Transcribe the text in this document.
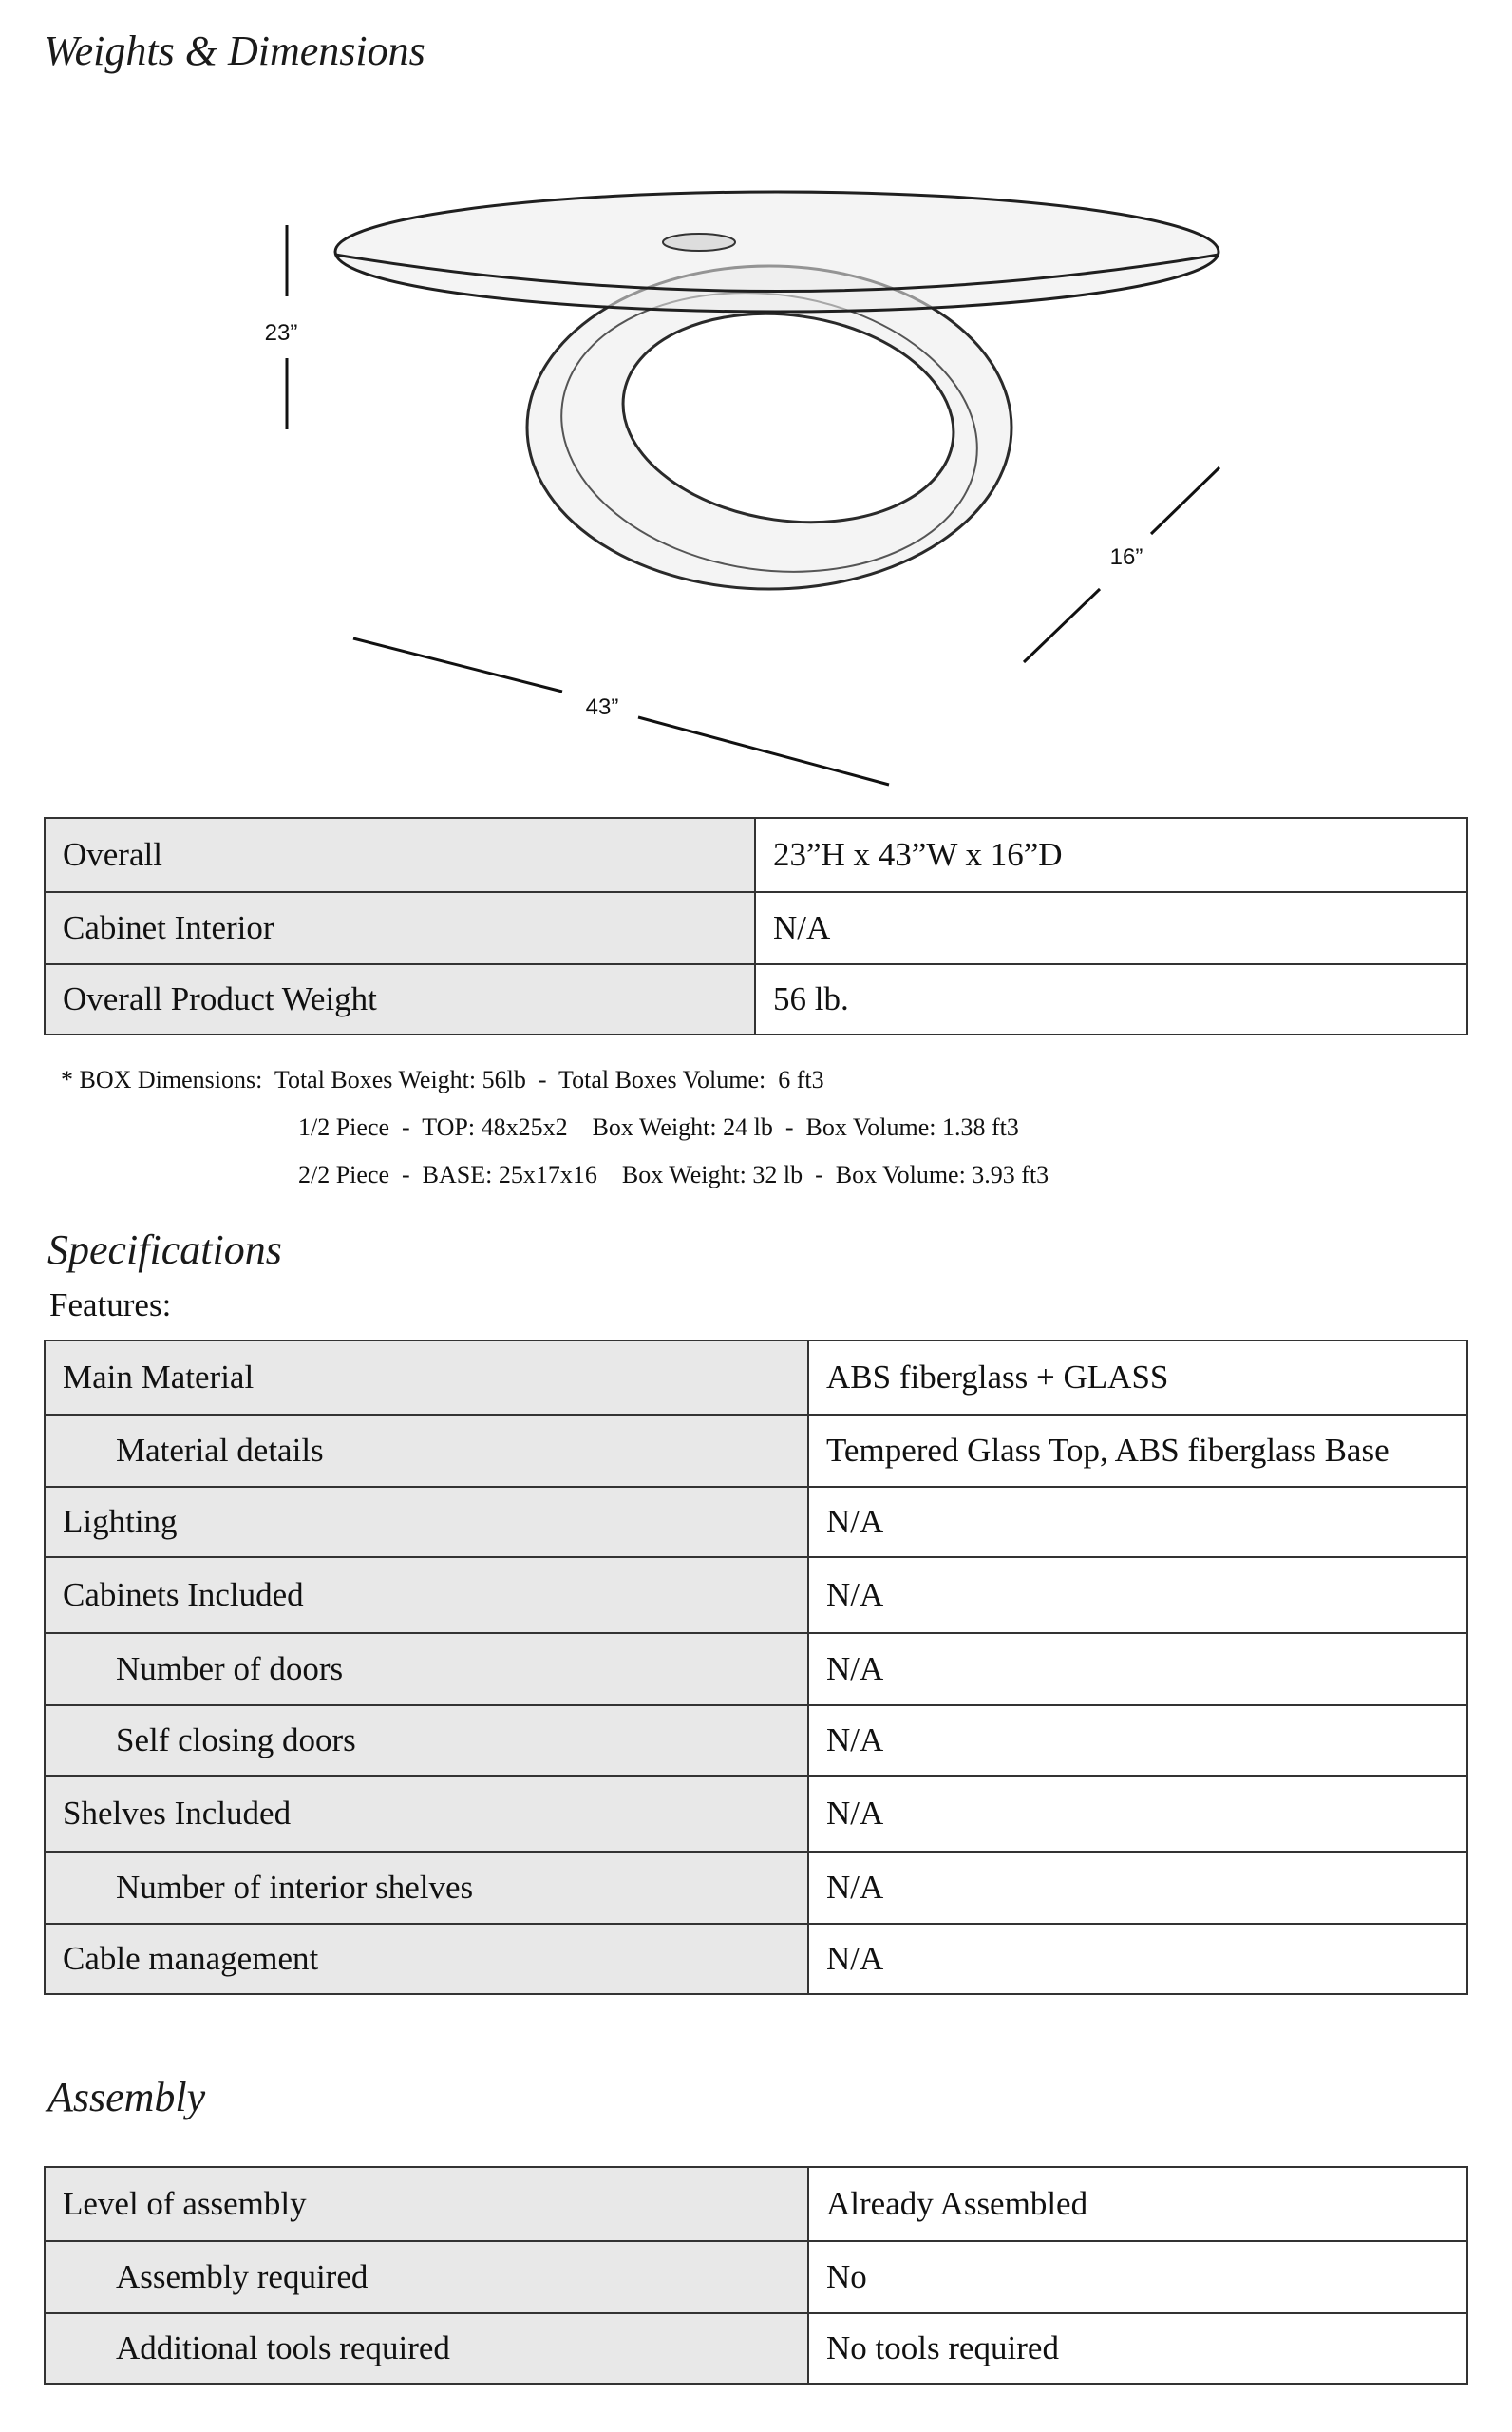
Weights & Dimensions
23”
43”
16”
Overall	23”H x 43”W x 16”D
Cabinet Interior	N/A
Overall Product Weight	56 lb.
* BOX Dimensions:  Total Boxes Weight: 56lb  -  Total Boxes Volume:  6 ft3
1/2 Piece  -  TOP: 48x25x2    Box Weight: 24 lb  -  Box Volume: 1.38 ft3
2/2 Piece  -  BASE: 25x17x16    Box Weight: 32 lb  -  Box Volume: 3.93 ft3
Specifications
Features:
Main Material	ABS fiberglass + GLASS
Material details	Tempered Glass Top, ABS fiberglass Base
Lighting	N/A
Cabinets Included	N/A
Number of doors	N/A
Self closing doors	N/A
Shelves Included	N/A
Number of interior shelves	N/A
Cable management	N/A
Assembly
Level of assembly	Already Assembled
Assembly required	No
Additional tools required	No tools required
